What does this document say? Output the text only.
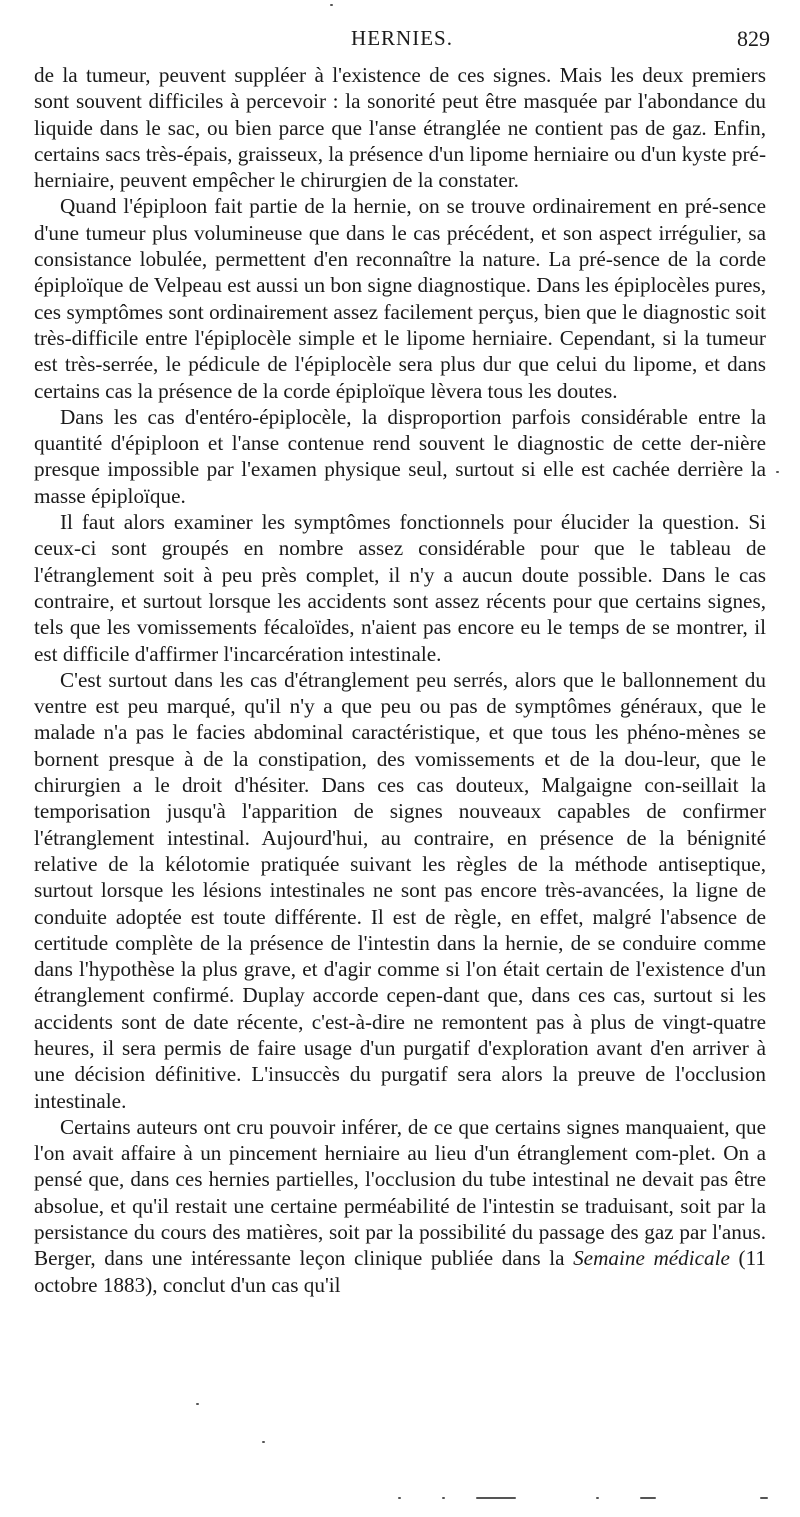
HERNIES.	829

de la tumeur, peuvent suppléer à l'existence de ces signes. Mais les deux premiers sont souvent difficiles à percevoir : la sonorité peut être masquée par l'abondance du liquide dans le sac, ou bien parce que l'anse étranglée ne contient pas de gaz. Enfin, certains sacs très-épais, graisseux, la présence d'un lipome herniaire ou d'un kyste pré-herniaire, peuvent empêcher le chirurgien de la constater.

Quand l'épiploon fait partie de la hernie, on se trouve ordinairement en pré-sence d'une tumeur plus volumineuse que dans le cas précédent, et son aspect irrégulier, sa consistance lobulée, permettent d'en reconnaître la nature. La pré-sence de la corde épiploïque de Velpeau est aussi un bon signe diagnostique. Dans les épiplocèles pures, ces symptômes sont ordinairement assez facilement perçus, bien que le diagnostic soit très-difficile entre l'épiplocèle simple et le lipome herniaire. Cependant, si la tumeur est très-serrée, le pédicule de l'épiplocèle sera plus dur que celui du lipome, et dans certains cas la présence de la corde épiploïque lèvera tous les doutes.

Dans les cas d'entéro-épiplocèle, la disproportion parfois considérable entre la quantité d'épiploon et l'anse contenue rend souvent le diagnostic de cette der-nière presque impossible par l'examen physique seul, surtout si elle est cachée derrière la masse épiploïque.

Il faut alors examiner les symptômes fonctionnels pour élucider la question. Si ceux-ci sont groupés en nombre assez considérable pour que le tableau de l'étranglement soit à peu près complet, il n'y a aucun doute possible. Dans le cas contraire, et surtout lorsque les accidents sont assez récents pour que certains signes, tels que les vomissements fécaloïdes, n'aient pas encore eu le temps de se montrer, il est difficile d'affirmer l'incarcération intestinale.

C'est surtout dans les cas d'étranglement peu serrés, alors que le ballonnement du ventre est peu marqué, qu'il n'y a que peu ou pas de symptômes généraux, que le malade n'a pas le facies abdominal caractéristique, et que tous les phéno-mènes se bornent presque à de la constipation, des vomissements et de la dou-leur, que le chirurgien a le droit d'hésiter. Dans ces cas douteux, Malgaigne con-seillait la temporisation jusqu'à l'apparition de signes nouveaux capables de confirmer l'étranglement intestinal. Aujourd'hui, au contraire, en présence de la bénignité relative de la kélotomie pratiquée suivant les règles de la méthode antiseptique, surtout lorsque les lésions intestinales ne sont pas encore très-avancées, la ligne de conduite adoptée est toute différente. Il est de règle, en effet, malgré l'absence de certitude complète de la présence de l'intestin dans la hernie, de se conduire comme dans l'hypothèse la plus grave, et d'agir comme si l'on était certain de l'existence d'un étranglement confirmé. Duplay accorde cepen-dant que, dans ces cas, surtout si les accidents sont de date récente, c'est-à-dire ne remontent pas à plus de vingt-quatre heures, il sera permis de faire usage d'un purgatif d'exploration avant d'en arriver à une décision définitive. L'insuccès du purgatif sera alors la preuve de l'occlusion intestinale.

Certains auteurs ont cru pouvoir inférer, de ce que certains signes manquaient, que l'on avait affaire à un pincement herniaire au lieu d'un étranglement com-plet. On a pensé que, dans ces hernies partielles, l'occlusion du tube intestinal ne devait pas être absolue, et qu'il restait une certaine perméabilité de l'intestin se traduisant, soit par la persistance du cours des matières, soit par la possibilité du passage des gaz par l'anus. Berger, dans une intéressante leçon clinique publiée dans la Semaine médicale (11 octobre 1883), conclut d'un cas qu'il
